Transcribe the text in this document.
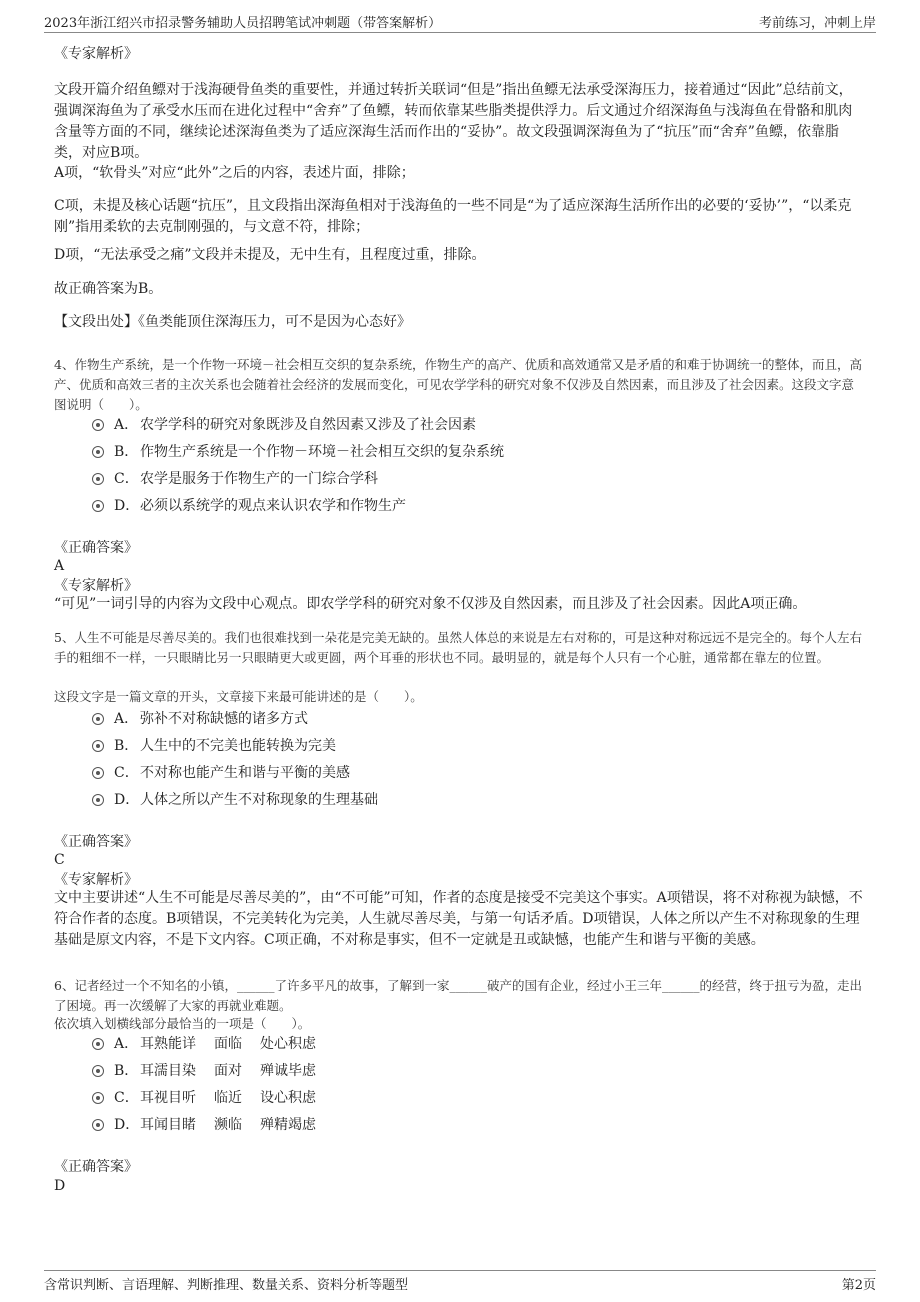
2023年浙江绍兴市招录警务辅助人员招聘笔试冲刺题（带答案解析）	考前练习，冲刺上岸
《专家解析》
文段开篇介绍鱼鳔对于浅海硬骨鱼类的重要性，并通过转折关联词“但是”指出鱼鳔无法承受深海压力，接着通过“因此”总结前文，强调深海鱼为了承受水压而在进化过程中“舍弃”了鱼鳔，转而依靠某些脂类提供浮力。后文通过介绍深海鱼与浅海鱼在骨骼和肌肉含量等方面的不同，继续论述深海鱼类为了适应深海生活而作出的“妥协”。故文段强调深海鱼为了“抗压”而“舍弃”鱼鳔，依靠脂类，对应B项。
A项，“软骨头”对应“此外”之后的内容，表述片面，排除；
C项，未提及核心话题“抗压”，且文段指出深海鱼相对于浅海鱼的一些不同是“为了适应深海生活所作出的必要的‘妥协’”，“以柔克刚”指用柔软的去克制刚强的，与文意不符，排除；
D项，“无法承受之痛”文段并未提及，无中生有，且程度过重，排除。
故正确答案为B。
【文段出处】《鱼类能顶住深海压力，可不是因为心态好》
4、作物生产系统，是一个作物一环境－社会相互交织的复杂系统，作物生产的高产、优质和高效通常又是矛盾的和难于协调统一的整体，而且，高产、优质和高效三者的主次关系也会随着社会经济的发展而变化，可见农学学科的研究对象不仅涉及自然因素，而且涉及了社会因素。这段文字意图说明（　　）。
A． 农学学科的研究对象既涉及自然因素又涉及了社会因素
B． 作物生产系统是一个作物－环境－社会相互交织的复杂系统
C．农学是服务于作物生产的一门综合学科
D．必须以系统学的观点来认识农学和作物生产
《正确答案》
A
《专家解析》
“可见”一词引导的内容为文段中心观点。即农学学科的研究对象不仅涉及自然因素，而且涉及了社会因素。因此A项正确。
5、人生不可能是尽善尽美的。我们也很难找到一朵花是完美无缺的。虽然人体总的来说是左右对称的，可是这种对称远远不是完全的。每个人左右手的粗细不一样，一只眼睛比另一只眼睛更大或更圆，两个耳垂的形状也不同。最明显的，就是每个人只有一个心脏，通常都在靠左的位置。
这段文字是一篇文章的开头，文章接下来最可能讲述的是（　　）。
A． 弥补不对称缺憾的诸多方式
B． 人生中的不完美也能转换为完美
C．不对称也能产生和谐与平衡的美感
D．人体之所以产生不对称现象的生理基础
《正确答案》
C
《专家解析》
文中主要讲述“人生不可能是尽善尽美的”，由“不可能”可知，作者的态度是接受不完美这个事实。A项错误，将不对称视为缺憾，不符合作者的态度。B项错误，不完美转化为完美，人生就尽善尽美，与第一句话矛盾。D项错误，人体之所以产生不对称现象的生理基础是原文内容，不是下文内容。C项正确，不对称是事实，但不一定就是丑或缺憾，也能产生和谐与平衡的美感。
6、记者经过一个不知名的小镇，______了许多平凡的故事，了解到一家______破产的国有企业，经过小王三年______的经营，终于扭亏为盈，走出了困境。再一次缓解了大家的再就业难题。
依次填入划横线部分最恰当的一项是（　　）。
A． 耳熟能详 面临 处心积虑
B． 耳濡目染 面对 殚诚毕虑
C．耳视目听 临近 设心积虑
D．耳闻目睹 濒临 殚精竭虑
《正确答案》
D
含常识判断、言语理解、判断推理、数量关系、资料分析等题型	第2页
